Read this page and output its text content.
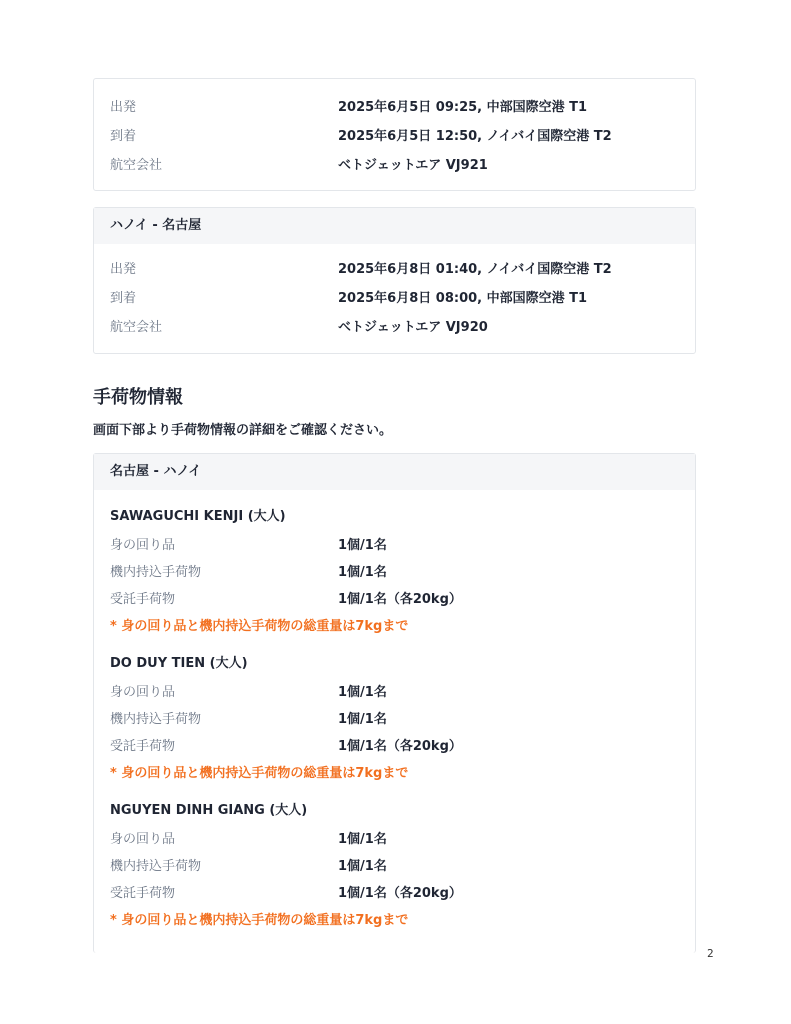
出発	2025年6月5日 09:25, 中部国際空港 T1
到着	2025年6月5日 12:50, ノイバイ国際空港 T2
航空会社	ベトジェットエア VJ921
ハノイ - 名古屋
出発	2025年6月8日 01:40, ノイバイ国際空港 T2
到着	2025年6月8日 08:00, 中部国際空港 T1
航空会社	ベトジェットエア VJ920
手荷物情報
画面下部より手荷物情報の詳細をご確認ください。
名古屋 - ハノイ
SAWAGUCHI KENJI (大人)
身の回り品	1個/1名
機内持込手荷物	1個/1名
受託手荷物	1個/1名（各20kg）
* 身の回り品と機内持込手荷物の総重量は7kgまで
DO DUY TIEN (大人)
身の回り品	1個/1名
機内持込手荷物	1個/1名
受託手荷物	1個/1名（各20kg）
* 身の回り品と機内持込手荷物の総重量は7kgまで
NGUYEN DINH GIANG (大人)
身の回り品	1個/1名
機内持込手荷物	1個/1名
受託手荷物	1個/1名（各20kg）
* 身の回り品と機内持込手荷物の総重量は7kgまで
2
